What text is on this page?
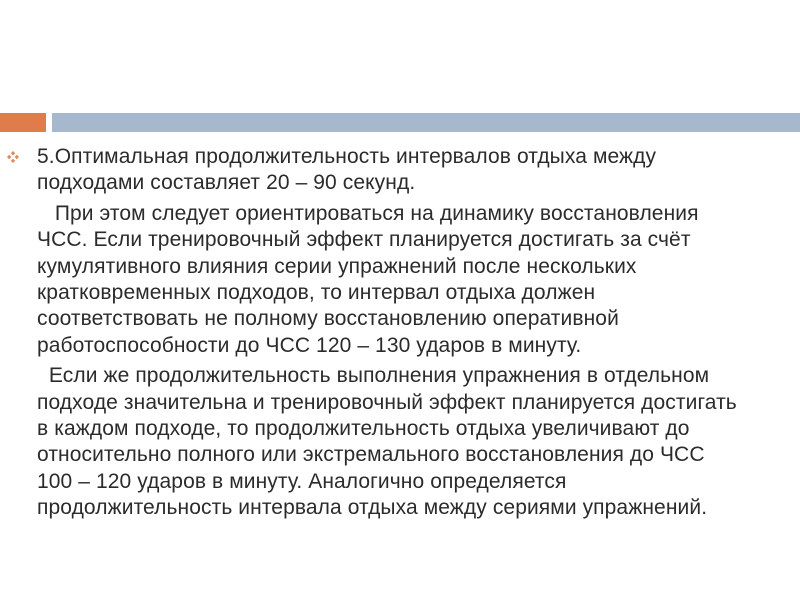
5.Оптимальная продолжительность интервалов отдыха между подходами составляет 20 – 90 секунд.

При этом следует ориентироваться на динамику восстановления ЧСС. Если тренировочный эффект планируется достигать за счёт кумулятивного влияния серии упражнений после нескольких кратковременных подходов, то интервал отдыха должен соответствовать не полному восстановлению оперативной работоспособности до ЧСС 120 – 130 ударов в минуту.

Если же продолжительность выполнения упражнения в отдельном подходе значительна и тренировочный эффект планируется достигать в каждом подходе, то продолжительность отдыха увеличивают до относительно полного или экстремального восстановления до ЧСС  100 – 120 ударов в минуту. Аналогично определяется продолжительность интервала отдыха между сериями упражнений.
